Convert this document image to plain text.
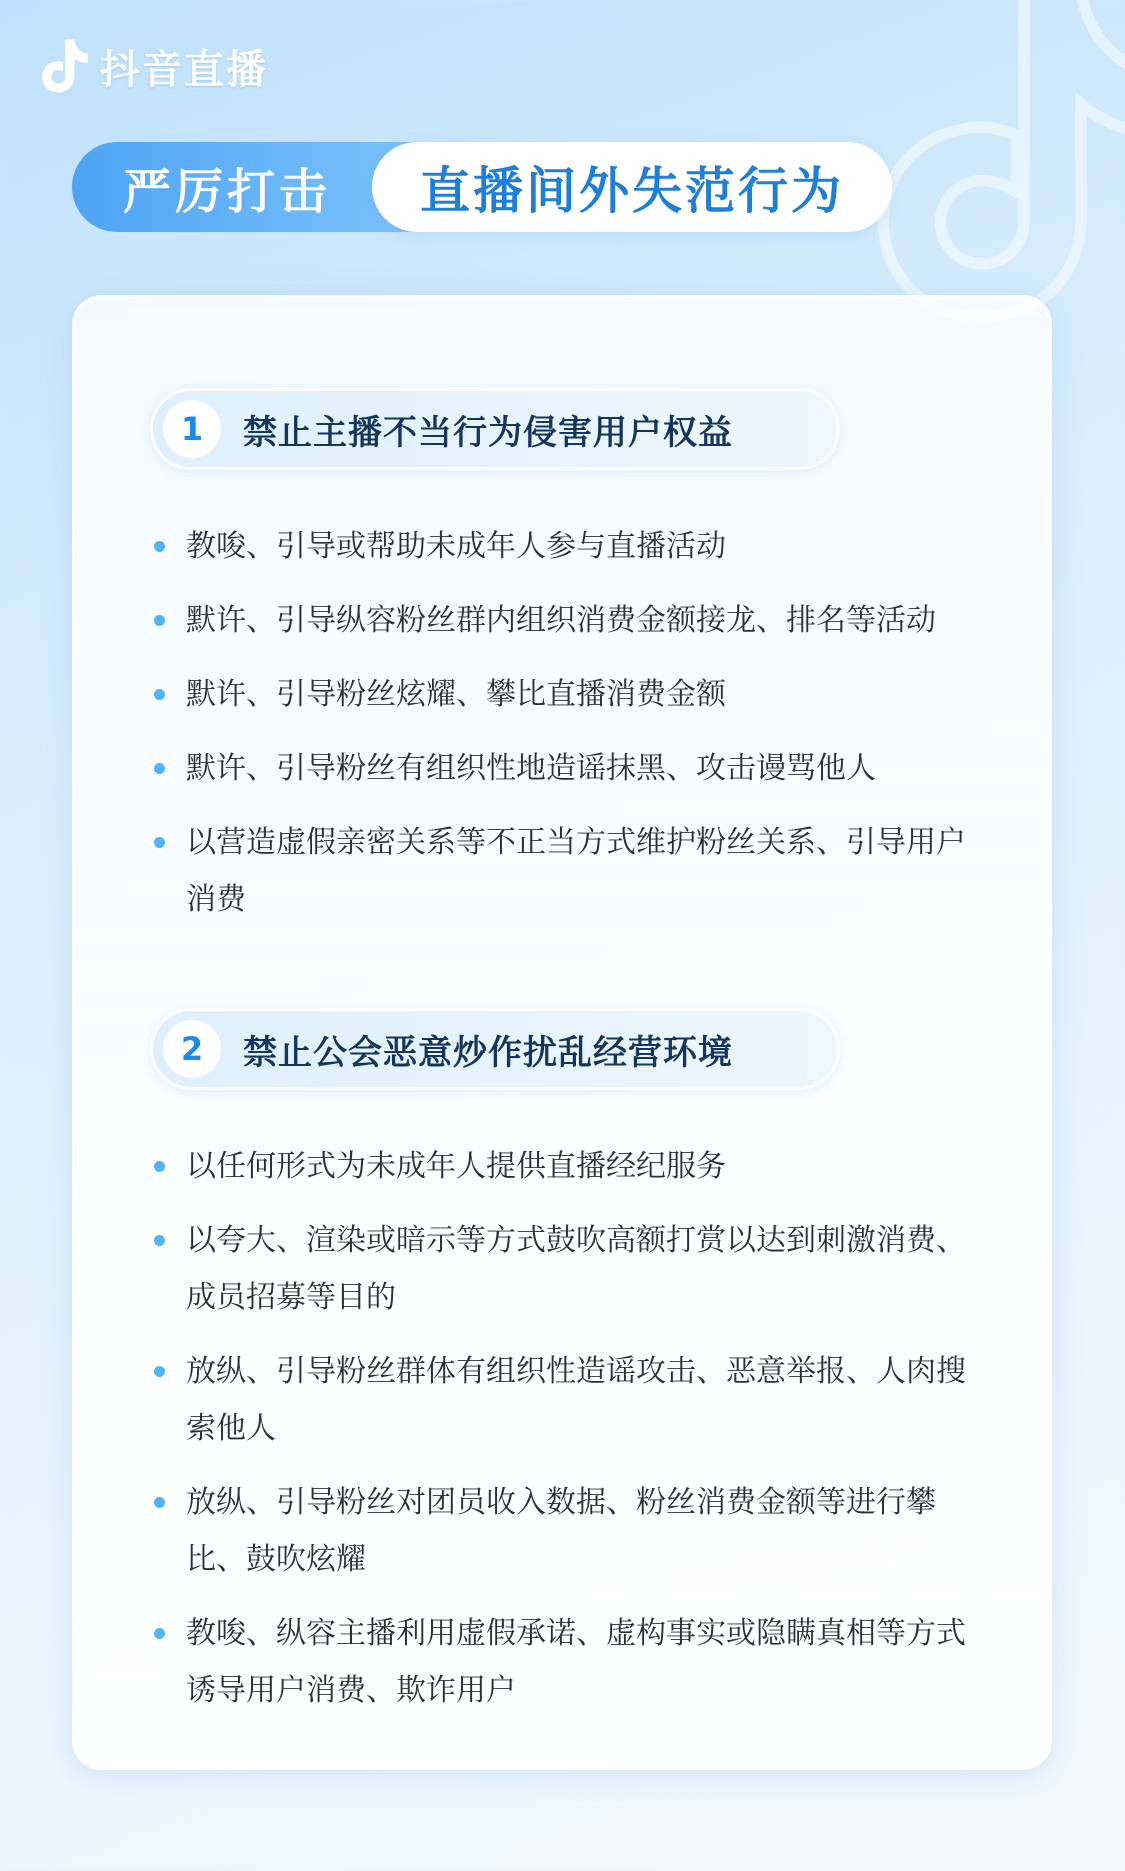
抖音直播
严厉打击	直播间外失范行为
1	禁止主播不当行为侵害用户权益
教唆、引导或帮助未成年人参与直播活动
默许、引导纵容粉丝群内组织消费金额接龙、排名等活动
默许、引导粉丝炫耀、攀比直播消费金额
默许、引导粉丝有组织性地造谣抹黑、攻击谩骂他人
以营造虚假亲密关系等不正当方式维护粉丝关系、引导用户消费
2	禁止公会恶意炒作扰乱经营环境
以任何形式为未成年人提供直播经纪服务
以夸大、渲染或暗示等方式鼓吹高额打赏以达到刺激消费、成员招募等目的
放纵、引导粉丝群体有组织性造谣攻击、恶意举报、人肉搜索他人
放纵、引导粉丝对团员收入数据、粉丝消费金额等进行攀比、鼓吹炫耀
教唆、纵容主播利用虚假承诺、虚构事实或隐瞒真相等方式诱导用户消费、欺诈用户
